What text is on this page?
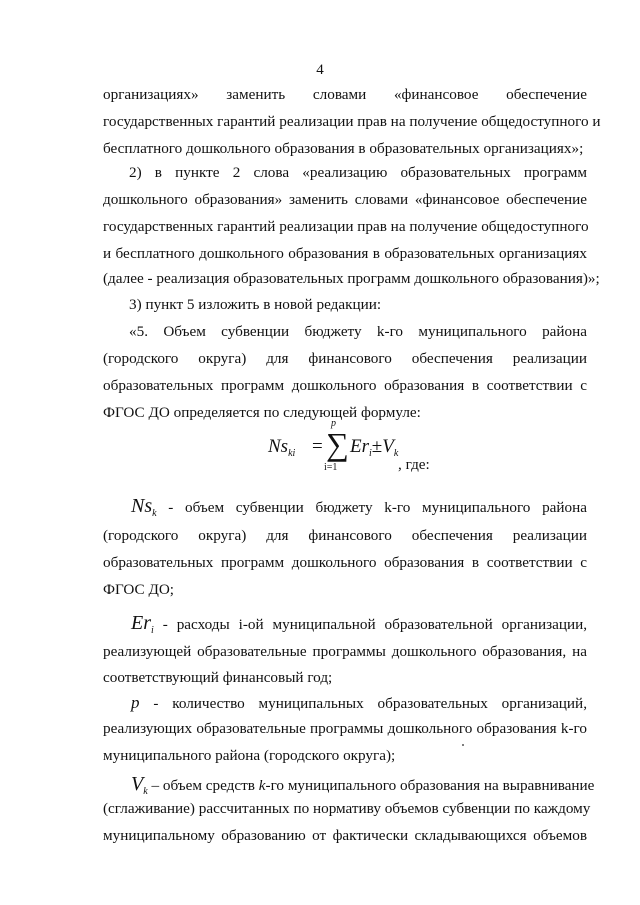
4
организациях» заменить словами «финансовое обеспечение
государственных гарантий реализации прав на получение общедоступного и
бесплатного дошкольного образования в образовательных организациях»;
2) в пункте 2 слова «реализацию образовательных программ
дошкольного образования» заменить словами «финансовое обеспечение
государственных гарантий реализации прав на получение общедоступного
и бесплатного дошкольного образования в образовательных организациях
(далее - реализация образовательных программ дошкольного образования)»;
3) пункт 5 изложить в новой редакции:
«5. Объем субвенции бюджету k-го муниципального района
(городского округа) для финансового обеспечения реализации
образовательных программ дошкольного образования в соответствии с
ФГОС ДО определяется по следующей формуле:
$Ns_{ki}$ =
p
∑
i=1
$Er_i\pm V_k$
, где:
$Ns_k$ - объем субвенции бюджету k-го муниципального района
(городского округа) для финансового обеспечения реализации
образовательных программ дошкольного образования в соответствии с
ФГОС ДО;
$Er_i$ - расходы i-ой муниципальной образовательной организации,
реализующей образовательные программы дошкольного образования, на
соответствующий финансовый год;
p - количество муниципальных образовательных организаций,
реализующих образовательные программы дошкольного образования k-го
муниципального района (городского округа);
$V_k$ – объем средств k-го муниципального образования на выравнивание
(сглаживание) рассчитанных по нормативу объемов субвенции по каждому
муниципальному образованию от фактически складывающихся объемов
